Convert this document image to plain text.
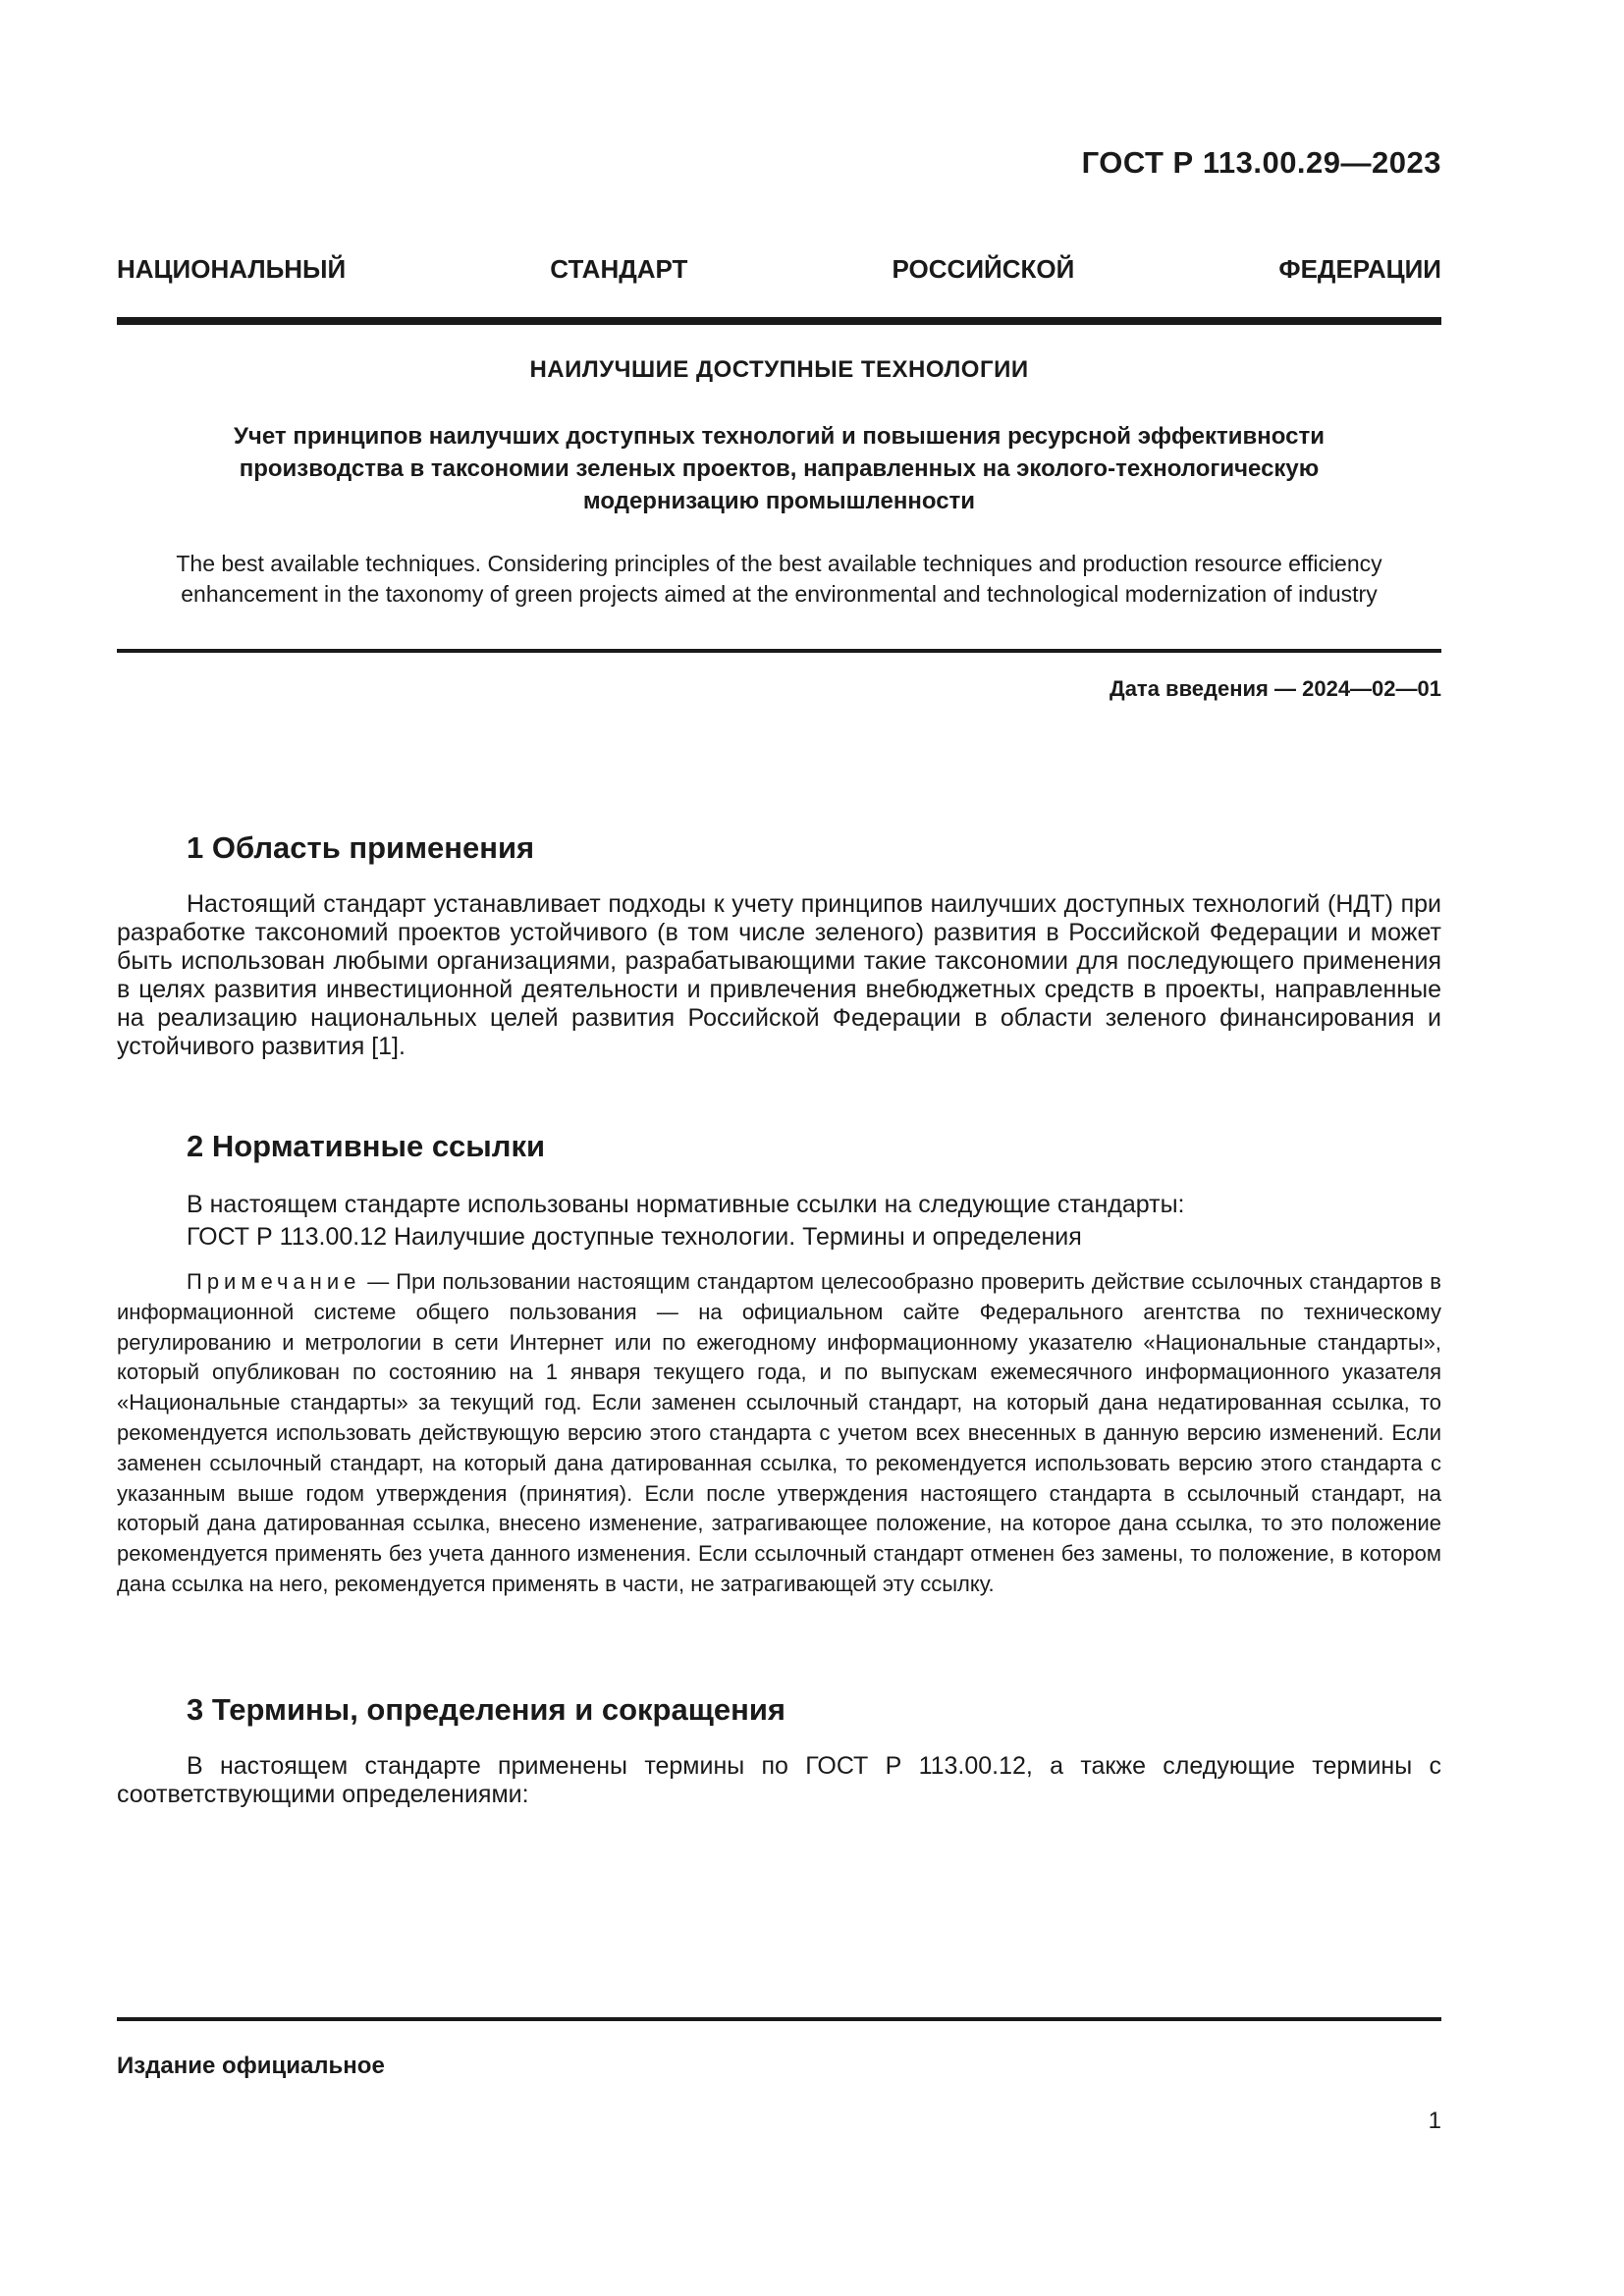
ГОСТ Р 113.00.29—2023
НАЦИОНАЛЬНЫЙ СТАНДАРТ РОССИЙСКОЙ ФЕДЕРАЦИИ
НАИЛУЧШИЕ ДОСТУПНЫЕ ТЕХНОЛОГИИ
Учет принципов наилучших доступных технологий и повышения ресурсной эффективности
производства в таксономии зеленых проектов, направленных на эколого-технологическую
модернизацию промышленности
The best available techniques. Considering principles of the best available techniques and production resource efficiency
enhancement in the taxonomy of green projects aimed at the environmental and technological modernization of industry
Дата введения — 2024—02—01
1 Область применения
Настоящий стандарт устанавливает подходы к учету принципов наилучших доступных технологий (НДТ) при разработке таксономий проектов устойчивого (в том числе зеленого) развития в Российской Федерации и может быть использован любыми организациями, разрабатывающими такие таксономии для последующего применения в целях развития инвестиционной деятельности и привлечения внебюджетных средств в проекты, направленные на реализацию национальных целей развития Российской Федерации в области зеленого финансирования и устойчивого развития [1].
2 Нормативные ссылки
В настоящем стандарте использованы нормативные ссылки на следующие стандарты:
ГОСТ Р 113.00.12 Наилучшие доступные технологии. Термины и определения
Примечание — При пользовании настоящим стандартом целесообразно проверить действие ссылочных стандартов в информационной системе общего пользования — на официальном сайте Федерального агентства по техническому регулированию и метрологии в сети Интернет или по ежегодному информационному указателю «Национальные стандарты», который опубликован по состоянию на 1 января текущего года, и по выпускам ежемесячного информационного указателя «Национальные стандарты» за текущий год. Если заменен ссылочный стандарт, на который дана недатированная ссылка, то рекомендуется использовать действующую версию этого стандарта с учетом всех внесенных в данную версию изменений. Если заменен ссылочный стандарт, на который дана датированная ссылка, то рекомендуется использовать версию этого стандарта с указанным выше годом утверждения (принятия). Если после утверждения настоящего стандарта в ссылочный стандарт, на который дана датированная ссылка, внесено изменение, затрагивающее положение, на которое дана ссылка, то это положение рекомендуется применять без учета данного изменения. Если ссылочный стандарт отменен без замены, то положение, в котором дана ссылка на него, рекомендуется применять в части, не затрагивающей эту ссылку.
3 Термины, определения и сокращения
В настоящем стандарте применены термины по ГОСТ Р 113.00.12, а также следующие термины с соответствующими определениями:
Издание официальное
1
